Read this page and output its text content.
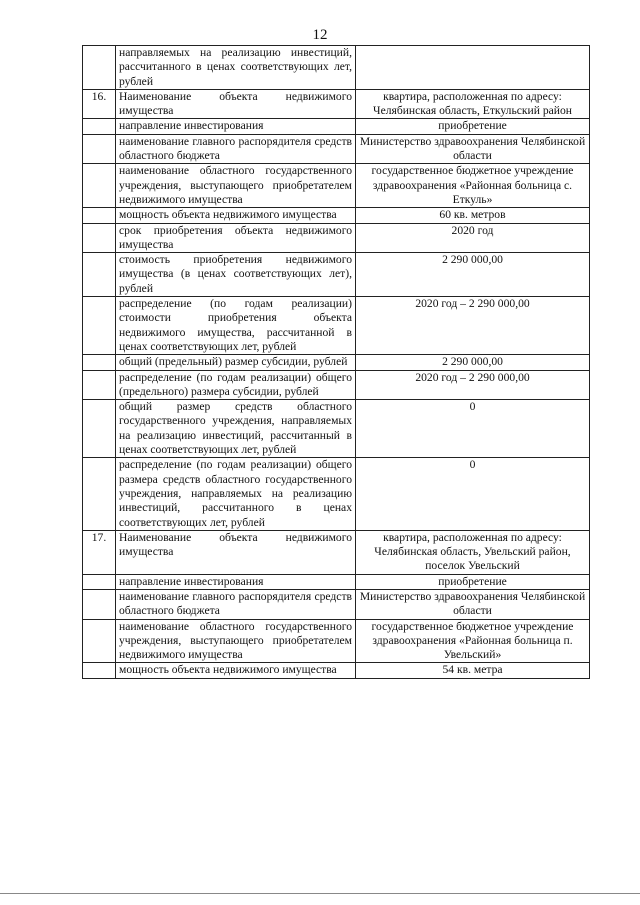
12
	направляемых на реализацию инвестиций, рассчитанного в ценах соответствующих лет, рублей	
16.	Наименование объекта недвижимого имущества	квартира, расположенная по адресу: Челябинская область, Еткульский район
	направление инвестирования	приобретение
	наименование главного распорядителя средств областного бюджета	Министерство здравоохранения Челябинской области
	наименование областного государственного учреждения, выступающего приобретателем недвижимого имущества	государственное бюджетное учреждение здравоохранения «Районная больница с. Еткуль»
	мощность объекта недвижимого имущества	60 кв. метров
	срок приобретения объекта недвижимого имущества	2020 год
	стоимость приобретения недвижимого имущества (в ценах соответствующих лет), рублей	2 290 000,00
	распределение (по годам реализации) стоимости приобретения объекта недвижимого имущества, рассчитанной в ценах соответствующих лет, рублей	2020 год – 2 290 000,00
	общий (предельный) размер субсидии, рублей	2 290 000,00
	распределение (по годам реализации) общего (предельного) размера субсидии, рублей	2020 год – 2 290 000,00
	общий размер средств областного государственного учреждения, направляемых на реализацию инвестиций, рассчитанный в ценах соответствующих лет, рублей	0
	распределение (по годам реализации) общего размера средств областного государственного учреждения, направляемых на реализацию инвестиций, рассчитанного в ценах соответствующих лет, рублей	0
17.	Наименование объекта недвижимого имущества	квартира, расположенная по адресу: Челябинская область, Увельский район, поселок Увельский
	направление инвестирования	приобретение
	наименование главного распорядителя средств областного бюджета	Министерство здравоохранения Челябинской области
	наименование областного государственного учреждения, выступающего приобретателем недвижимого имущества	государственное бюджетное учреждение здравоохранения «Районная больница п. Увельский»
	мощность объекта недвижимого имущества	54 кв. метра
